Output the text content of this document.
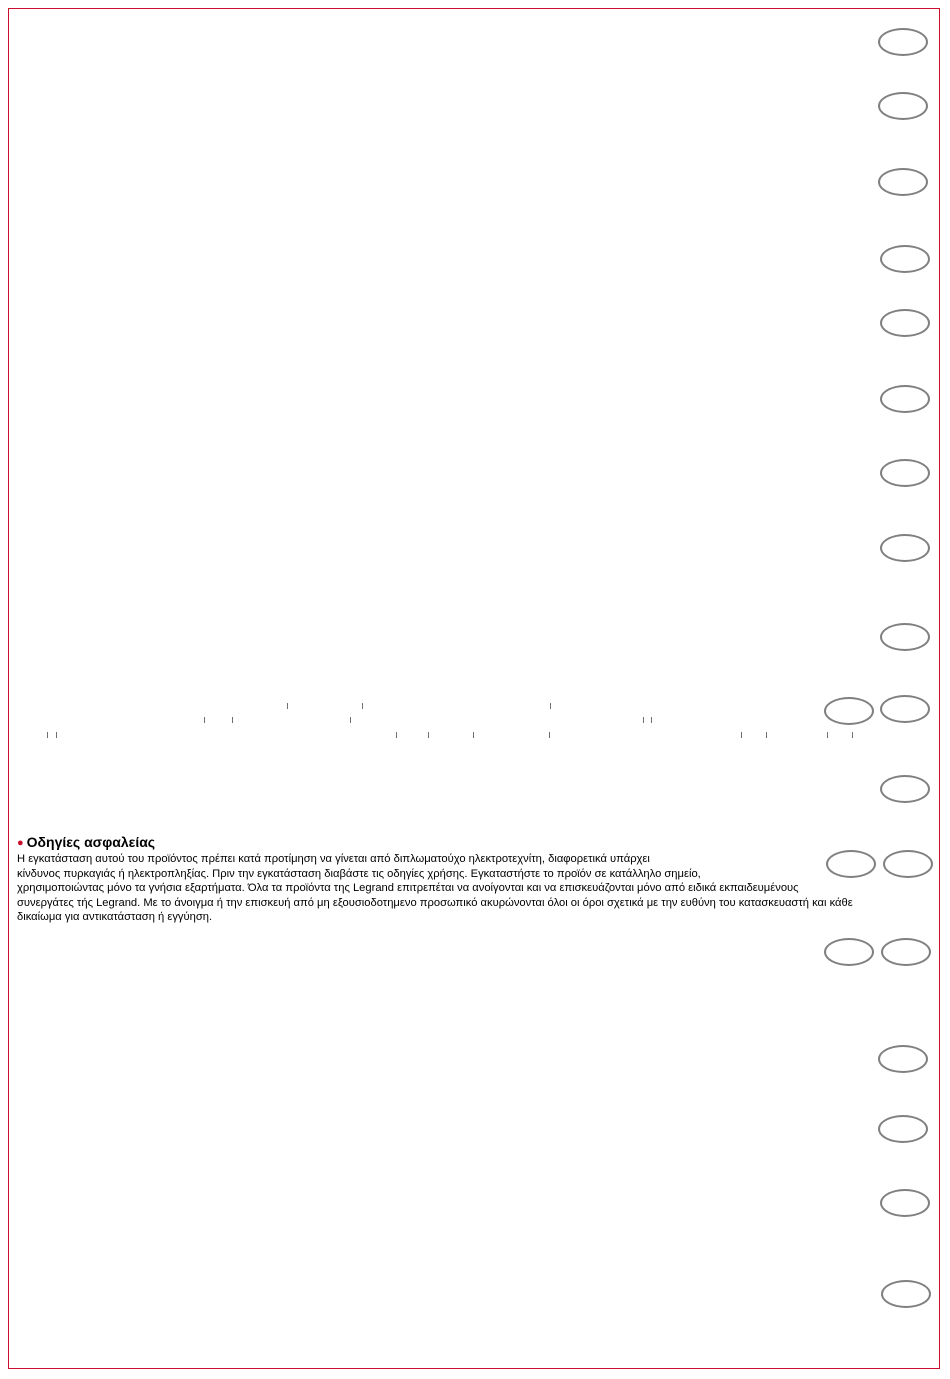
● Οδηγίες ασφαλείας
Η εγκατάσταση αυτού του προϊόντος πρέπει κατά προτίμηση να γίνεται από διπλωματούχο ηλεκτροτεχνίτη, διαφορετικά υπάρχει
κίνδυνος πυρκαγιάς ή ηλεκτροπληξίας. Πριν την εγκατάσταση διαβάστε τις οδηγίες χρήσης. Εγκαταστήστε το προϊόν σε κατάλληλο σημείο,
χρησιμοποιώντας μόνο τα γνήσια εξαρτήματα. Όλα τα προϊόντα της Legrand επιτρεπέται να ανοίγονται και να επισκευάζονται μόνο από ειδικά εκπαιδευμένους
συνεργάτες τής Legrand. Με το άνοιγμα ή την επισκευή από μη εξουσιοδοτημενο προσωπικό ακυρώνονται όλοι οι όροι σχετικά με την ευθύνη του κατασκευαστή και κάθε
δικαίωμα για αντικατάσταση ή εγγύηση.
